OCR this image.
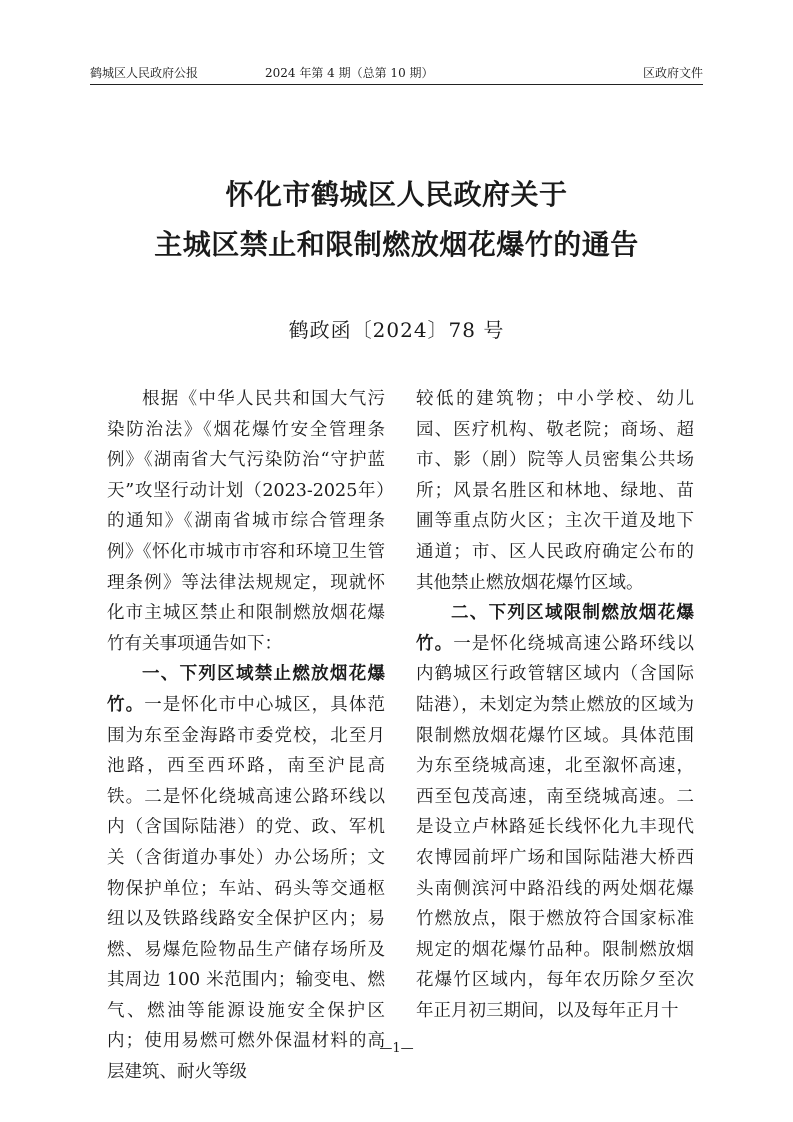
鹤城区人民政府公报	2024 年第 4 期（总第 10 期）	区政府文件
怀化市鹤城区人民政府关于
主城区禁止和限制燃放烟花爆竹的通告
鹤政函〔2024〕78 号

根据《中华人民共和国大气污染防治法》《烟花爆竹安全管理条例》《湖南省大气污染防治“守护蓝天”攻坚行动计划（2023-2025年）的通知》《湖南省城市综合管理条例》《怀化市城市市容和环境卫生管理条例》等法律法规规定，现就怀化市主城区禁止和限制燃放烟花爆竹有关事项通告如下：

一、下列区域禁止燃放烟花爆竹。一是怀化市中心城区，具体范围为东至金海路市委党校，北至月池路，西至西环路，南至沪昆高铁。二是怀化绕城高速公路环线以内（含国际陆港）的党、政、军机关（含街道办事处）办公场所；文物保护单位；车站、码头等交通枢纽以及铁路线路安全保护区内；易燃、易爆危险物品生产储存场所及其周边 100 米范围内；输变电、燃气、燃油等能源设施安全保护区内；使用易燃可燃外保温材料的高层建筑、耐火等级

较低的建筑物；中小学校、幼儿园、医疗机构、敬老院；商场、超市、影（剧）院等人员密集公共场所；风景名胜区和林地、绿地、苗圃等重点防火区；主次干道及地下通道；市、区人民政府确定公布的其他禁止燃放烟花爆竹区域。

二、下列区域限制燃放烟花爆竹。一是怀化绕城高速公路环线以内鹤城区行政管辖区域内（含国际陆港），未划定为禁止燃放的区域为限制燃放烟花爆竹区域。具体范围为东至绕城高速，北至溆怀高速，西至包茂高速，南至绕城高速。二是设立卢林路延长线怀化九丰现代农博园前坪广场和国际陆港大桥西头南侧滨河中路沿线的两处烟花爆竹燃放点，限于燃放符合国家标准规定的烟花爆竹品种。限制燃放烟花爆竹区域内，每年农历除夕至次年正月初三期间，以及每年正月十

—1—
